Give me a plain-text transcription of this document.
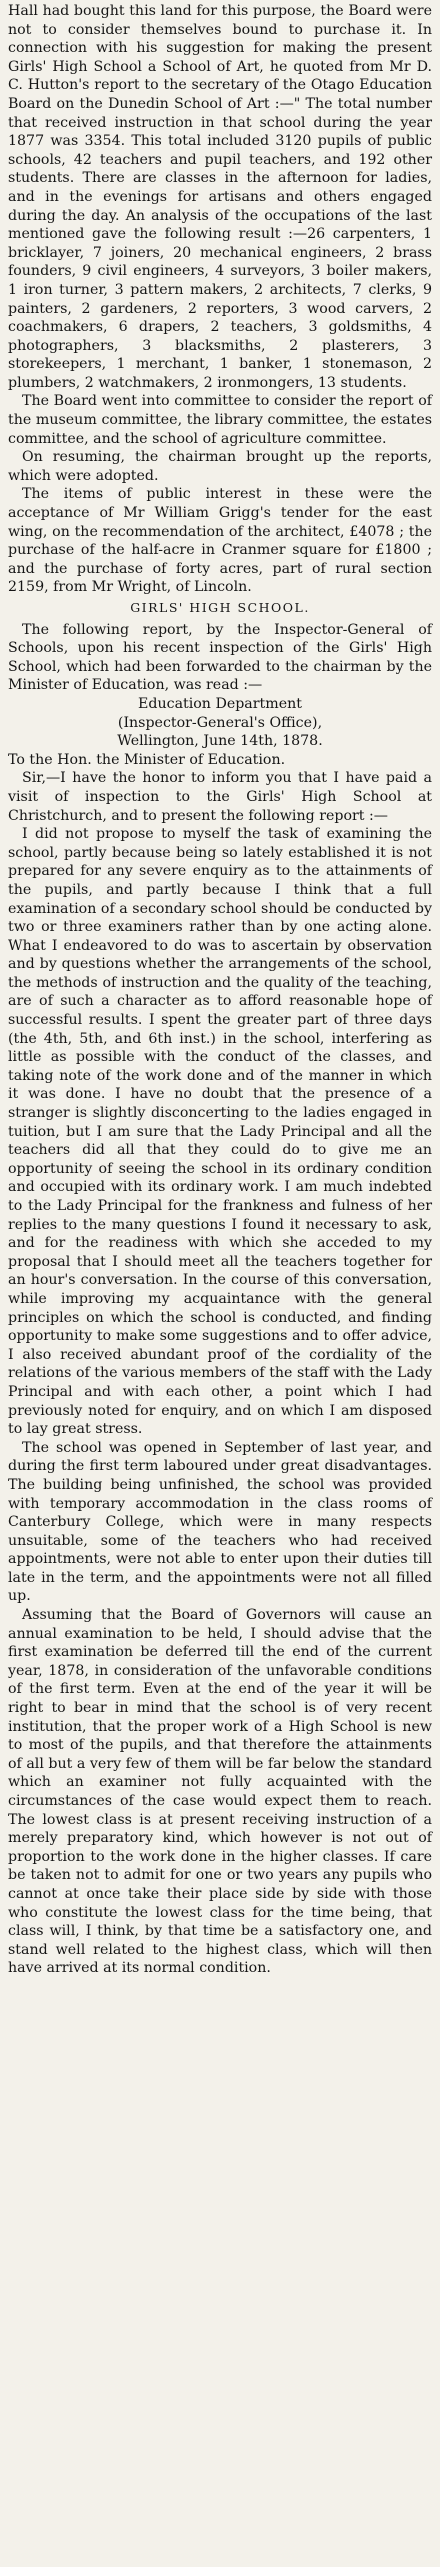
Hall had bought this land for this purpose, the Board were not to consider themselves bound to purchase it. In connection with his suggestion for making the present Girls' High School a School of Art, he quoted from Mr D. C. Hutton's report to the secretary of the Otago Education Board on the Dunedin School of Art :—" The total number that received instruction in that school during the year 1877 was 3354. This total included 3120 pupils of public schools, 42 teachers and pupil teachers, and 192 other students. There are classes in the afternoon for ladies, and in the evenings for artisans and others engaged during the day. An analysis of the occupations of the last mentioned gave the following result :—26 carpenters, 1 bricklayer, 7 joiners, 20 mechanical engineers, 2 brass founders, 9 civil engineers, 4 surveyors, 3 boiler makers, 1 iron turner, 3 pattern makers, 2 architects, 7 clerks, 9 painters, 2 gardeners, 2 reporters, 3 wood carvers, 2 coachmakers, 6 drapers, 2 teachers, 3 goldsmiths, 4 photographers, 3 blacksmiths, 2 plasterers, 3 storekeepers, 1 merchant, 1 banker, 1 stonemason, 2 plumbers, 2 watchmakers, 2 ironmongers, 13 students.

The Board went into committee to consider the report of the museum committee, the library committee, the estates committee, and the school of agriculture committee.

On resuming, the chairman brought up the reports, which were adopted.

The items of public interest in these were the acceptance of Mr William Grigg's tender for the east wing, on the recommendation of the architect, £4078 ; the purchase of the half-acre in Cranmer square for £1800 ; and the purchase of forty acres, part of rural section 2159, from Mr Wright, of Lincoln.

GIRLS' HIGH SCHOOL.

The following report, by the Inspector-General of Schools, upon his recent inspection of the Girls' High School, which had been forwarded to the chairman by the Minister of Education, was read :—

Education Department

(Inspector-General's Office),

Wellington, June 14th, 1878.

To the Hon. the Minister of Education.

Sir,—I have the honor to inform you that I have paid a visit of inspection to the Girls' High School at Christchurch, and to present the following report :—

I did not propose to myself the task of examining the school, partly because being so lately established it is not prepared for any severe enquiry as to the attainments of the pupils, and partly because I think that a full examination of a secondary school should be conducted by two or three examiners rather than by one acting alone. What I endeavored to do was to ascertain by observation and by questions whether the arrangements of the school, the methods of instruction and the quality of the teaching, are of such a character as to afford reasonable hope of successful results. I spent the greater part of three days (the 4th, 5th, and 6th inst.) in the school, interfering as little as possible with the conduct of the classes, and taking note of the work done and of the manner in which it was done. I have no doubt that the presence of a stranger is slightly disconcerting to the ladies engaged in tuition, but I am sure that the Lady Principal and all the teachers did all that they could do to give me an opportunity of seeing the school in its ordinary condition and occupied with its ordinary work. I am much indebted to the Lady Principal for the frankness and fulness of her replies to the many questions I found it necessary to ask, and for the readiness with which she acceded to my proposal that I should meet all the teachers together for an hour's conversation. In the course of this conversation, while improving my acquaintance with the general principles on which the school is conducted, and finding opportunity to make some suggestions and to offer advice, I also received abundant proof of the cordiality of the relations of the various members of the staff with the Lady Principal and with each other, a point which I had previously noted for enquiry, and on which I am disposed to lay great stress.

The school was opened in September of last year, and during the first term laboured under great disadvantages. The building being unfinished, the school was provided with temporary accommodation in the class rooms of Canterbury College, which were in many respects unsuitable, some of the teachers who had received appointments, were not able to enter upon their duties till late in the term, and the appointments were not all filled up.

Assuming that the Board of Governors will cause an annual examination to be held, I should advise that the first examination be deferred till the end of the current year, 1878, in consideration of the unfavorable conditions of the first term. Even at the end of the year it will be right to bear in mind that the school is of very recent institution, that the proper work of a High School is new to most of the pupils, and that therefore the attainments of all but a very few of them will be far below the standard which an examiner not fully acquainted with the circumstances of the case would expect them to reach. The lowest class is at present receiving instruction of a merely preparatory kind, which however is not out of proportion to the work done in the higher classes. If care be taken not to admit for one or two years any pupils who cannot at once take their place side by side with those who constitute the lowest class for the time being, that class will, I think, by that time be a satisfactory one, and stand well related to the highest class, which will then have arrived at its normal condition.
